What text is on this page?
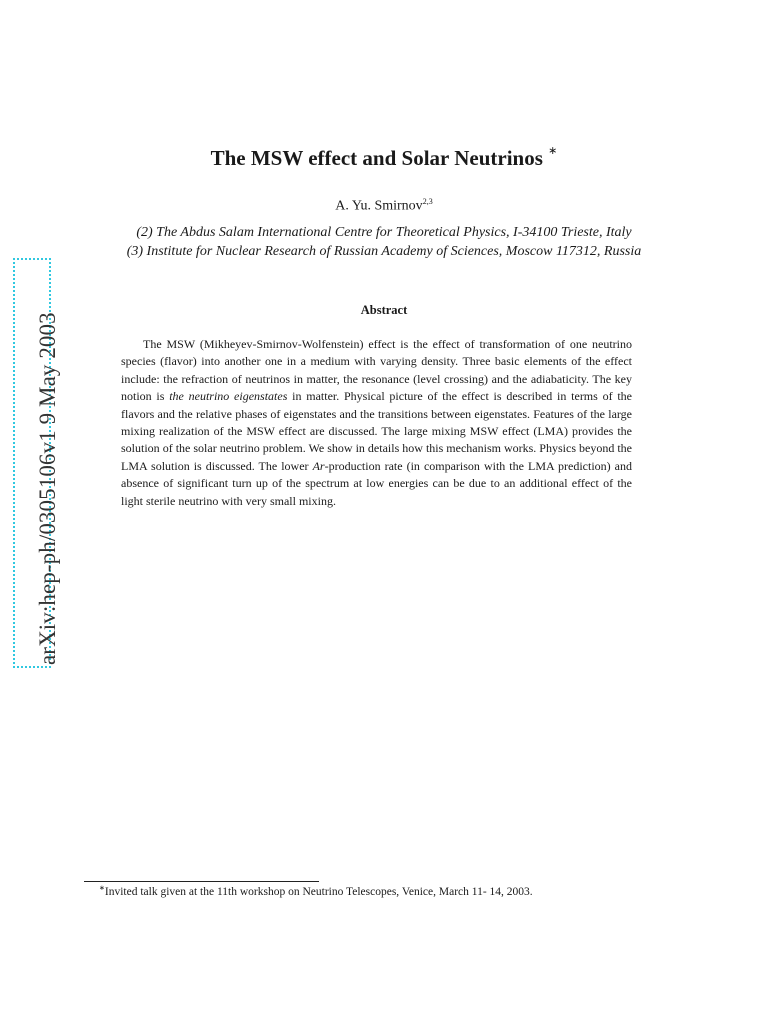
arXiv:hep-ph/0305106v1 9 May 2003
The MSW effect and Solar Neutrinos ∗
A. Yu. Smirnov$^{2,3}$
(2) The Abdus Salam International Centre for Theoretical Physics, I-34100 Trieste, Italy
(3) Institute for Nuclear Research of Russian Academy of Sciences, Moscow 117312, Russia
Abstract

The MSW (Mikheyev-Smirnov-Wolfenstein) effect is the effect of transformation of one neutrino species (flavor) into another one in a medium with varying density. Three basic elements of the effect include: the refraction of neutrinos in matter, the resonance (level crossing) and the adiabaticity. The key notion is the neutrino eigenstates in matter. Physical picture of the effect is described in terms of the flavors and the relative phases of eigenstates and the transitions between eigenstates. Features of the large mixing realization of the MSW effect are discussed. The large mixing MSW effect (LMA) provides the solution of the solar neutrino problem. We show in details how this mechanism works. Physics beyond the LMA solution is discussed. The lower Ar-production rate (in comparison with the LMA prediction) and absence of significant turn up of the spectrum at low energies can be due to an additional effect of the light sterile neutrino with very small mixing.

∗Invited talk given at the 11th workshop on Neutrino Telescopes, Venice, March 11- 14, 2003.
